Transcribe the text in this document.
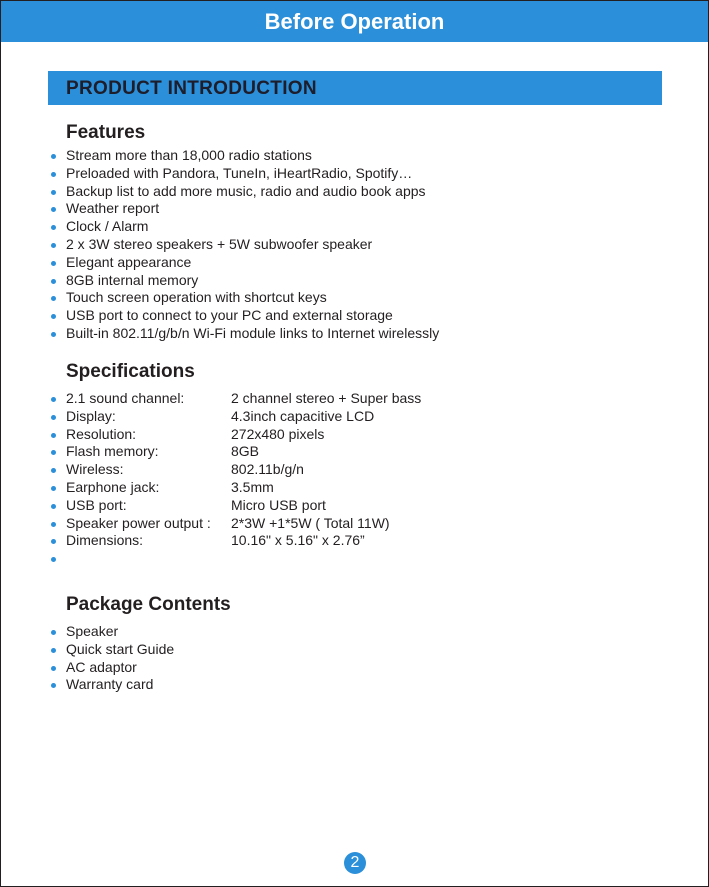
Before Operation
PRODUCT INTRODUCTION
Features
Stream more than 18,000 radio stations
Preloaded with Pandora, TuneIn, iHeartRadio, Spotify…
Backup list to add more music, radio and audio book apps
Weather report
Clock / Alarm
2 x 3W stereo speakers + 5W subwoofer speaker
Elegant appearance
8GB internal memory
Touch screen operation with shortcut keys
USB port to connect to your PC and external storage
Built-in 802.11/g/b/n Wi-Fi module links to Internet wirelessly
Specifications
2.1 sound channel:	2 channel stereo + Super bass
Display:	4.3inch capacitive LCD
Resolution:	272x480 pixels
Flash memory:	8GB
Wireless:	802.11b/g/n
Earphone jack:	3.5mm
USB port:	Micro USB port
Speaker power output : 2*3W +1*5W ( Total 11W)
Dimensions:	10.16" x 5.16" x 2.76”
Package Contents
Speaker
Quick start Guide
AC adaptor
Warranty card
2
